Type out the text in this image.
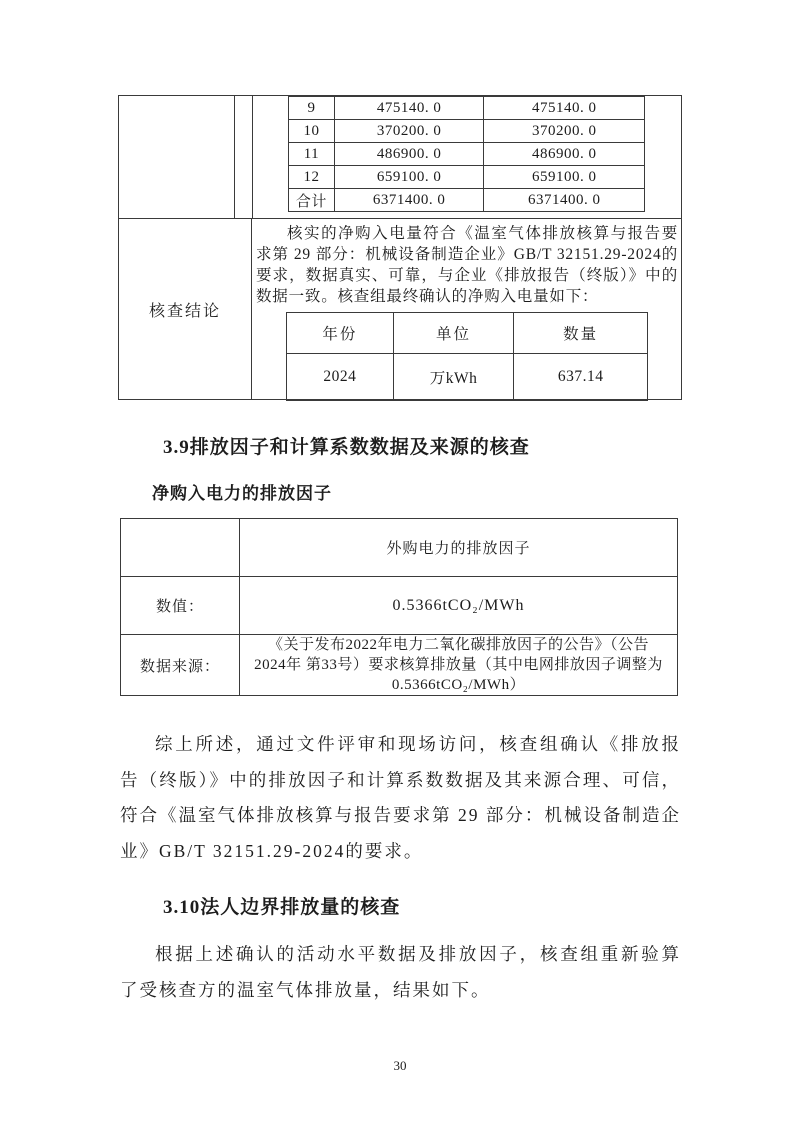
9	475140. 0	475140. 0
10	370200. 0	370200. 0
11	486900. 0	486900. 0
12	659100. 0	659100. 0
合计	6371400. 0	6371400. 0
核查结论

核实的净购入电量符合《温室气体排放核算与报告要求第 29 部分：机械设备制造企业》GB/T 32151.29-2024的要求，数据真实、可靠，与企业《排放报告（终版）》中的数据一致。核查组最终确认的净购入电量如下：

年份	单位	数量
2024	万kWh	637.14
3.9排放因子和计算系数数据及来源的核查
净购入电力的排放因子
	外购电力的排放因子
数值：	0.5366tCO₂/MWh
数据来源：	《关于发布2022年电力二氧化碳排放因子的公告》（公告
2024年 第33号）要求核算排放量（其中电网排放因子调整为
0.5366tCO₂/MWh）

综上所述，通过文件评审和现场访问，核查组确认《排放报告（终版）》中的排放因子和计算系数数据及其来源合理、可信，符合《温室气体排放核算与报告要求第 29 部分：机械设备制造企业》GB/T 32151.29-2024的要求。

3.10法人边界排放量的核查

根据上述确认的活动水平数据及排放因子，核查组重新验算了受核查方的温室气体排放量，结果如下。

30
